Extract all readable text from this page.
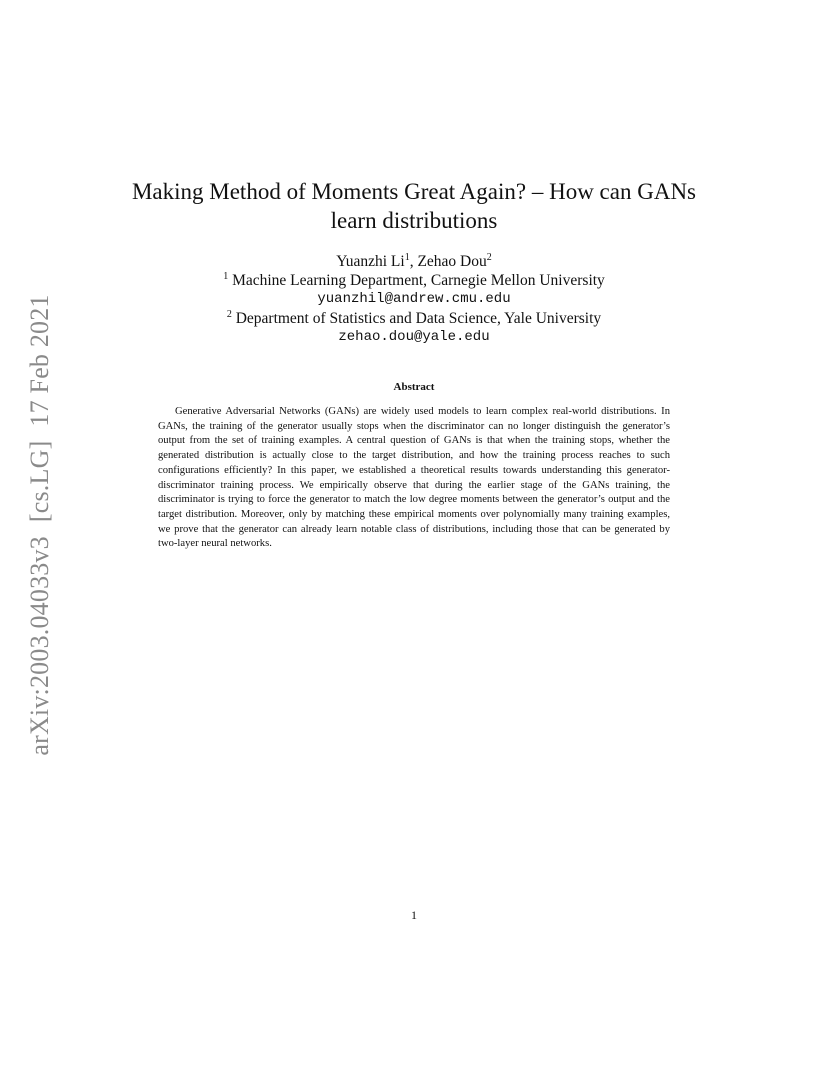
arXiv:2003.04033v3[cs.LG]17 Feb 2021
Making Method of Moments Great Again? – How can GANs
learn distributions
Yuanzhi Li$^1$, Zehao Dou$^2$
$^1$ Machine Learning Department, Carnegie Mellon University
yuanzhil@andrew.cmu.edu
$^2$ Department of Statistics and Data Science, Yale University
zehao.dou@yale.edu
Abstract
Generative Adversarial Networks (GANs) are widely used models to learn complex real-world distributions. In GANs, the training of the generator usually stops when the discriminator can no longer distinguish the generator’s output from the set of training examples. A central question of GANs is that when the training stops, whether the generated distribution is actually close to the target distribution, and how the training process reaches to such configurations efficiently? In this paper, we established a theoretical results towards understanding this generator-discriminator training process. We empirically observe that during the earlier stage of the GANs training, the discriminator is trying to force the generator to match the low degree moments between the generator’s output and the target distribution. Moreover, only by matching these empirical moments over polynomially many training examples, we prove that the generator can already learn notable class of distributions, including those that can be generated by two-layer neural networks.
1
